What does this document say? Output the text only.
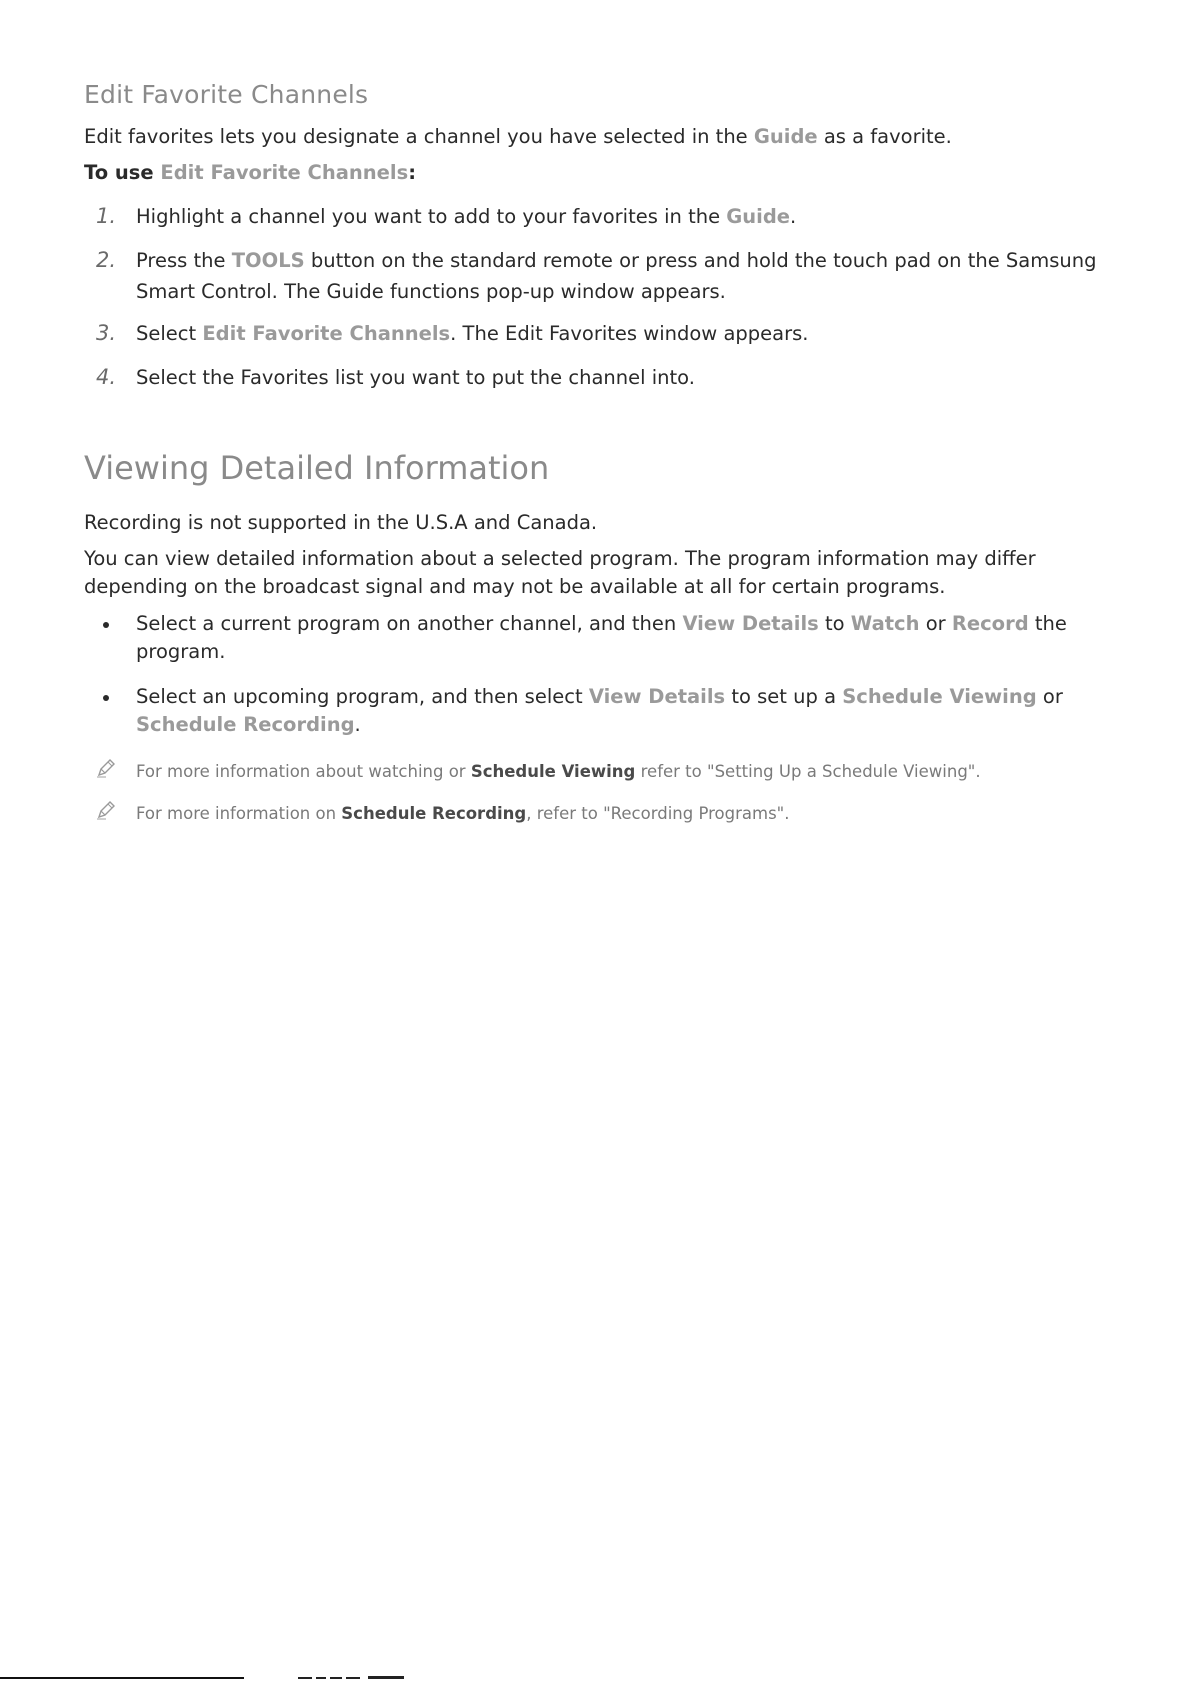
Edit Favorite Channels

Edit favorites lets you designate a channel you have selected in the Guide as a favorite.

To use Edit Favorite Channels:

1. Highlight a channel you want to add to your favorites in the Guide.
2. Press the TOOLS button on the standard remote or press and hold the touch pad on the Samsung Smart Control. The Guide functions pop-up window appears.
3. Select Edit Favorite Channels. The Edit Favorites window appears.
4. Select the Favorites list you want to put the channel into.
Viewing Detailed Information

Recording is not supported in the U.S.A and Canada.

You can view detailed information about a selected program. The program information may differ depending on the broadcast signal and may not be available at all for certain programs.

Select a current program on another channel, and then View Details to Watch or Record the program.
Select an upcoming program, and then select View Details to set up a Schedule Viewing or Schedule Recording.
For more information about watching or Schedule Viewing refer to "Setting Up a Schedule Viewing".
For more information on Schedule Recording, refer to "Recording Programs".
